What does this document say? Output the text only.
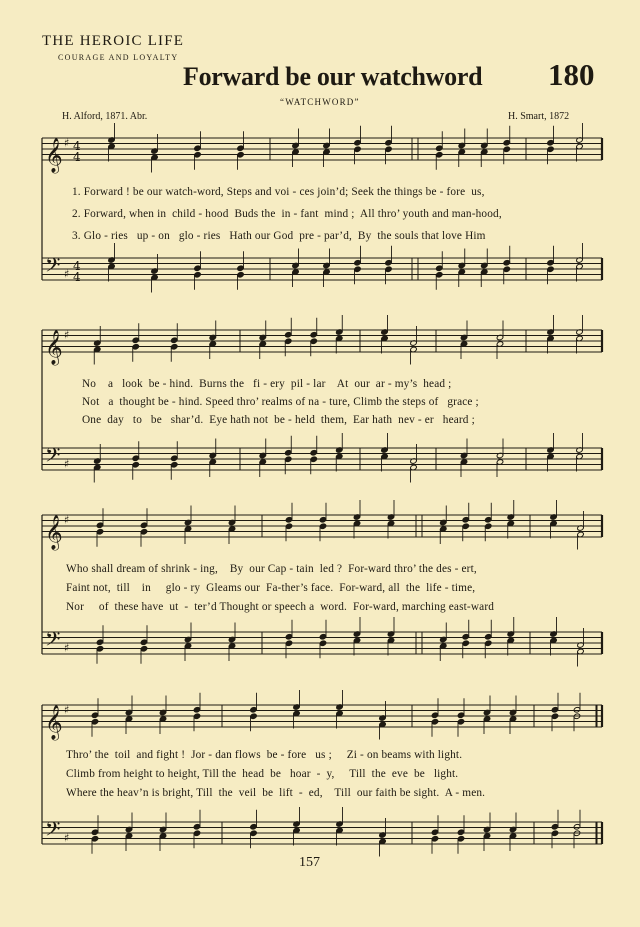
THE HEROIC LIFE
COURAGE AND LOYALTY
Forward be our watchword 180
“WATCHWORD”
H. Alford, 1871. Abr.	H. Smart, 1872
𝄞
𝄢
♯
♯
4
4
4
4
𝄞
𝄢
♯
♯
𝄞
𝄢
♯
♯
𝄞
𝄢
♯
♯
1. Forward ! be our watch-word, Steps and voi - ces join’d; Seek the things be - fore  us,
2. Forward, when in  child - hood  Buds the  in - fant  mind ;  All thro’ youth and man-hood,
3. Glo - ries   up - on   glo - ries   Hath our God  pre - par’d,  By  the souls that love Him
No    a   look  be - hind.  Burns the   fi - ery  pil - lar    At  our  ar - my’s  head ;
Not   a  thought be - hind. Speed thro’ realms of na - ture, Climb the steps of   grace ;
One  day   to   be   shar’d.  Eye hath not  be - held  them,  Ear hath  nev - er   heard ;
Who shall dream of shrink - ing,    By  our Cap - tain  led ?  For-ward thro’ the des - ert,
Faint not,  till    in     glo - ry  Gleams our  Fa-ther’s face.  For-ward, all  the  life - time,
Nor     of  these have  ut  -  ter’d Thought or speech a  word.  For-ward, marching east-ward
Thro’ the  toil  and fight !  Jor - dan flows  be - fore   us ;     Zi - on beams with light.
Climb from height to height, Till the  head  be   hoar  -  y,     Till  the  eve  be   light.
Where the heav’n is bright, Till  the  veil  be  lift  -  ed,    Till  our faith be sight.  A - men.
157
